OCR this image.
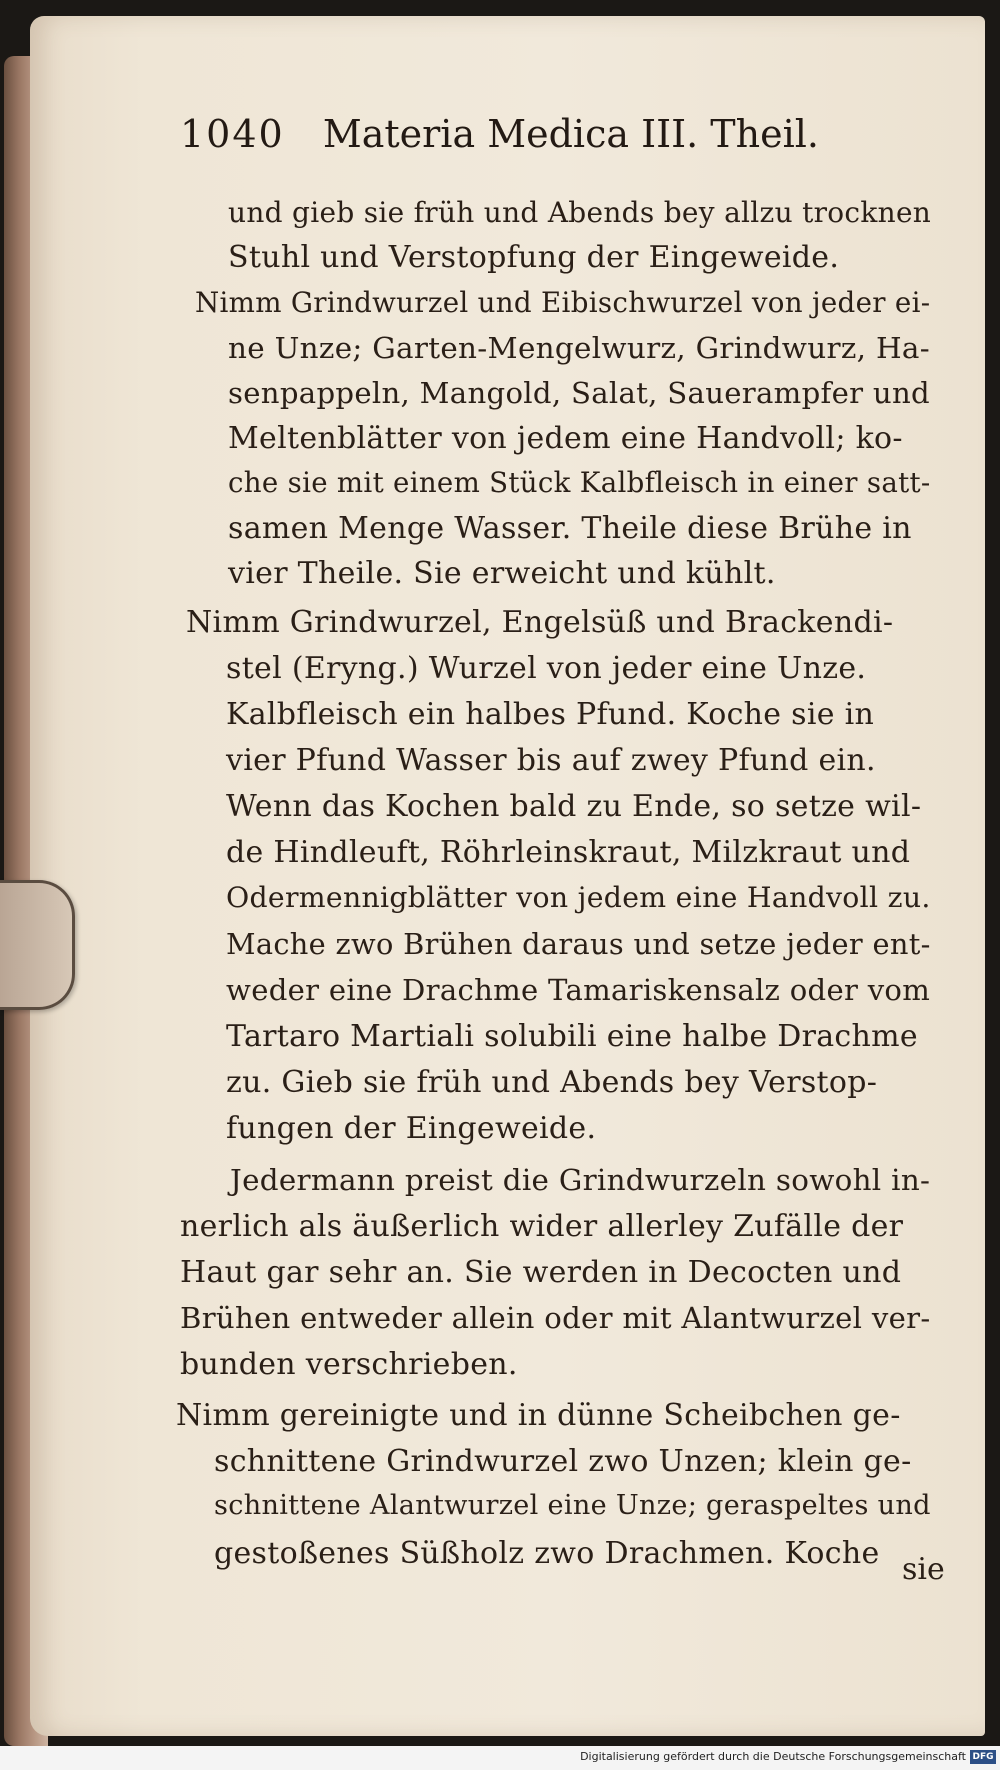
1040 Materia Medica III. Theil.

und gieb sie früh und Abends bey allzu trocknen

Stuhl und Verstopfung der Eingeweide.

Nimm Grindwurzel und Eibischwurzel von jeder ei-

ne Unze; Garten-Mengelwurz, Grindwurz, Ha-

senpappeln, Mangold, Salat, Sauerampfer und

Meltenblätter von jedem eine Handvoll; ko-

che sie mit einem Stück Kalbfleisch in einer satt-

samen Menge Wasser. Theile diese Brühe in

vier Theile. Sie erweicht und kühlt.

Nimm Grindwurzel, Engelsüß und Brackendi-

stel (Eryng.) Wurzel von jeder eine Unze.

Kalbfleisch ein halbes Pfund. Koche sie in

vier Pfund Wasser bis auf zwey Pfund ein.

Wenn das Kochen bald zu Ende, so setze wil-

de Hindleuft, Röhrleinskraut, Milzkraut und

Odermennigblätter von jedem eine Handvoll zu.

Mache zwo Brühen daraus und setze jeder ent-

weder eine Drachme Tamariskensalz oder vom

Tartaro Martiali solubili eine halbe Drachme

zu. Gieb sie früh und Abends bey Verstop-

fungen der Eingeweide.

Jedermann preist die Grindwurzeln sowohl in-

nerlich als äußerlich wider allerley Zufälle der

Haut gar sehr an. Sie werden in Decocten und

Brühen entweder allein oder mit Alantwurzel ver-

bunden verschrieben.

Nimm gereinigte und in dünne Scheibchen ge-

schnittene Grindwurzel zwo Unzen; klein ge-

schnittene Alantwurzel eine Unze; geraspeltes und

gestoßenes Süßholz zwo Drachmen. Koche sie
Digitalisierung gefördert durch die Deutsche Forschungsgemeinschaft DFG
